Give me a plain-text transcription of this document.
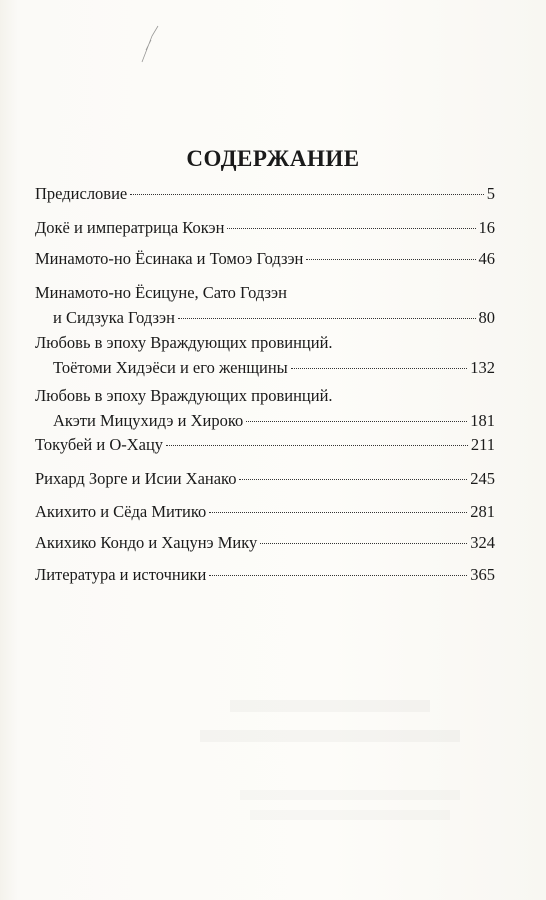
СОДЕРЖАНИЕ
Предисловие	5
Докё и императрица Кокэн	16
Минамото-но Ёсинака и Томоэ Годзэн	46
Минамото-но Ёсицуне, Сато Годзэн
и Сидзука Годзэн	80
Любовь в эпоху Враждующих провинций.
Тоётоми Хидэёси и его женщины	132
Любовь в эпоху Враждующих провинций.
Акэти Мицухидэ и Хироко	181
Токубей и О-Хацу	211
Рихард Зорге и Исии Ханако	245
Акихито и Сёда Митико	281
Акихико Кондо и Хацунэ Мику	324
Литература и источники	365
